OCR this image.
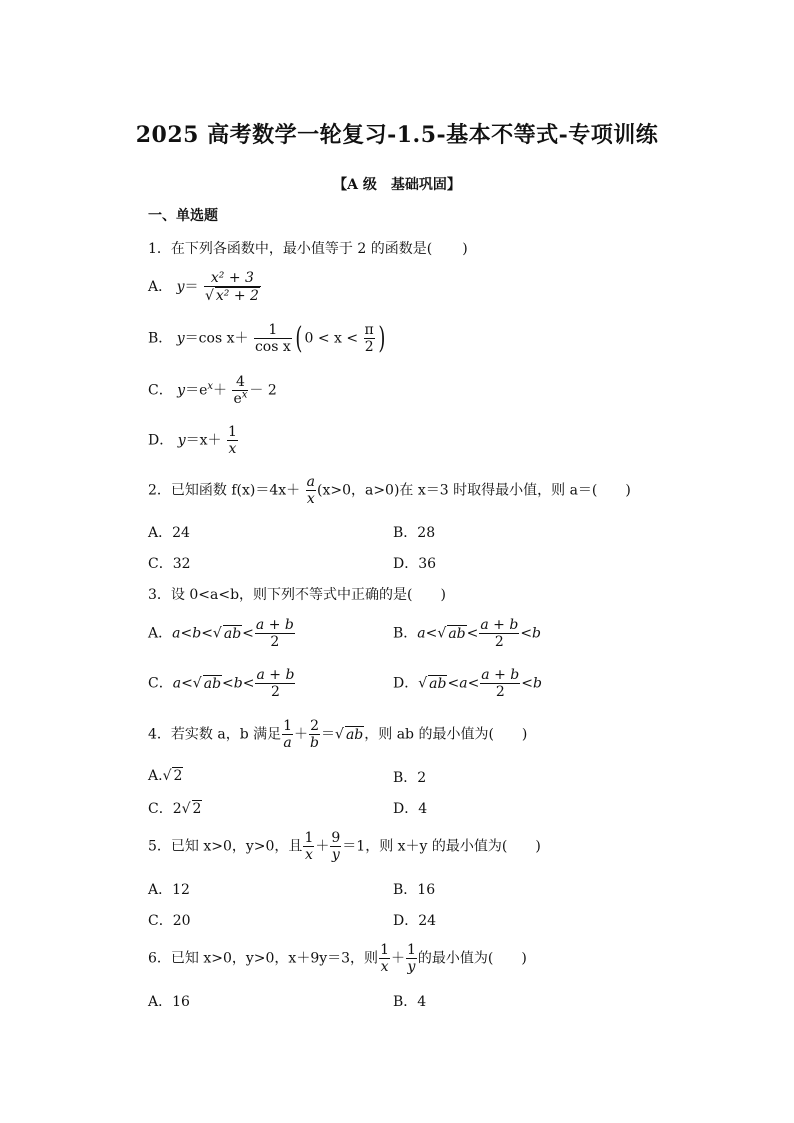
2025 高考数学一轮复习-1.5-基本不等式-专项训练
【A 级　基础巩固】
一、单选题
1．在下列各函数中，最小值等于 2 的函数是( )
A． $y= \frac{\text{x² + 3}}{\text{√ x² + 2}}$
B． y＝cos $x+ \frac{1}{\text{cos x}}$ ( $0 < x < \frac{\pi}{2}$ )
C． $y=e^x+ \frac{4}{e^x} - 2$
D． $y=x+ \frac{1}{x}$
2．已知函数 $f(x)=4x+ \frac{a}{x} (x>0$，a>0)在 x＝3 时取得最小值，则 a＝( )
A．24	B．28
C．32	D．36
3．设 0<a<b，则下列不等式中正确的是(　　)
A．a<b<√ $ab< \frac{a + b}{2}$	B．a<√ $ab< \frac{a + b}{2} <b$
C．a<√ $ab<b< \frac{a + b}{2}$	D．√ $ab<a< \frac{a + b}{2} <b$
4．若实数 a，b 满足 $\frac{1}{a} + \frac{2}{b}$ ＝√ ab，则 ab 的最小值为( )
A.√ 2	B．2
C．2√ 2	D．4
5．已知 x>0，y>0，且 $\frac{1}{x} + \frac{9}{y} =1$，则 x＋y 的最小值为( )
A．12	B．16
C．20	D．24
6．已知 x>0，y>0，x＋9y＝3，则 $\frac{1}{x} + \frac{1}{y}$ 的最小值为( )
A．16	B．4
